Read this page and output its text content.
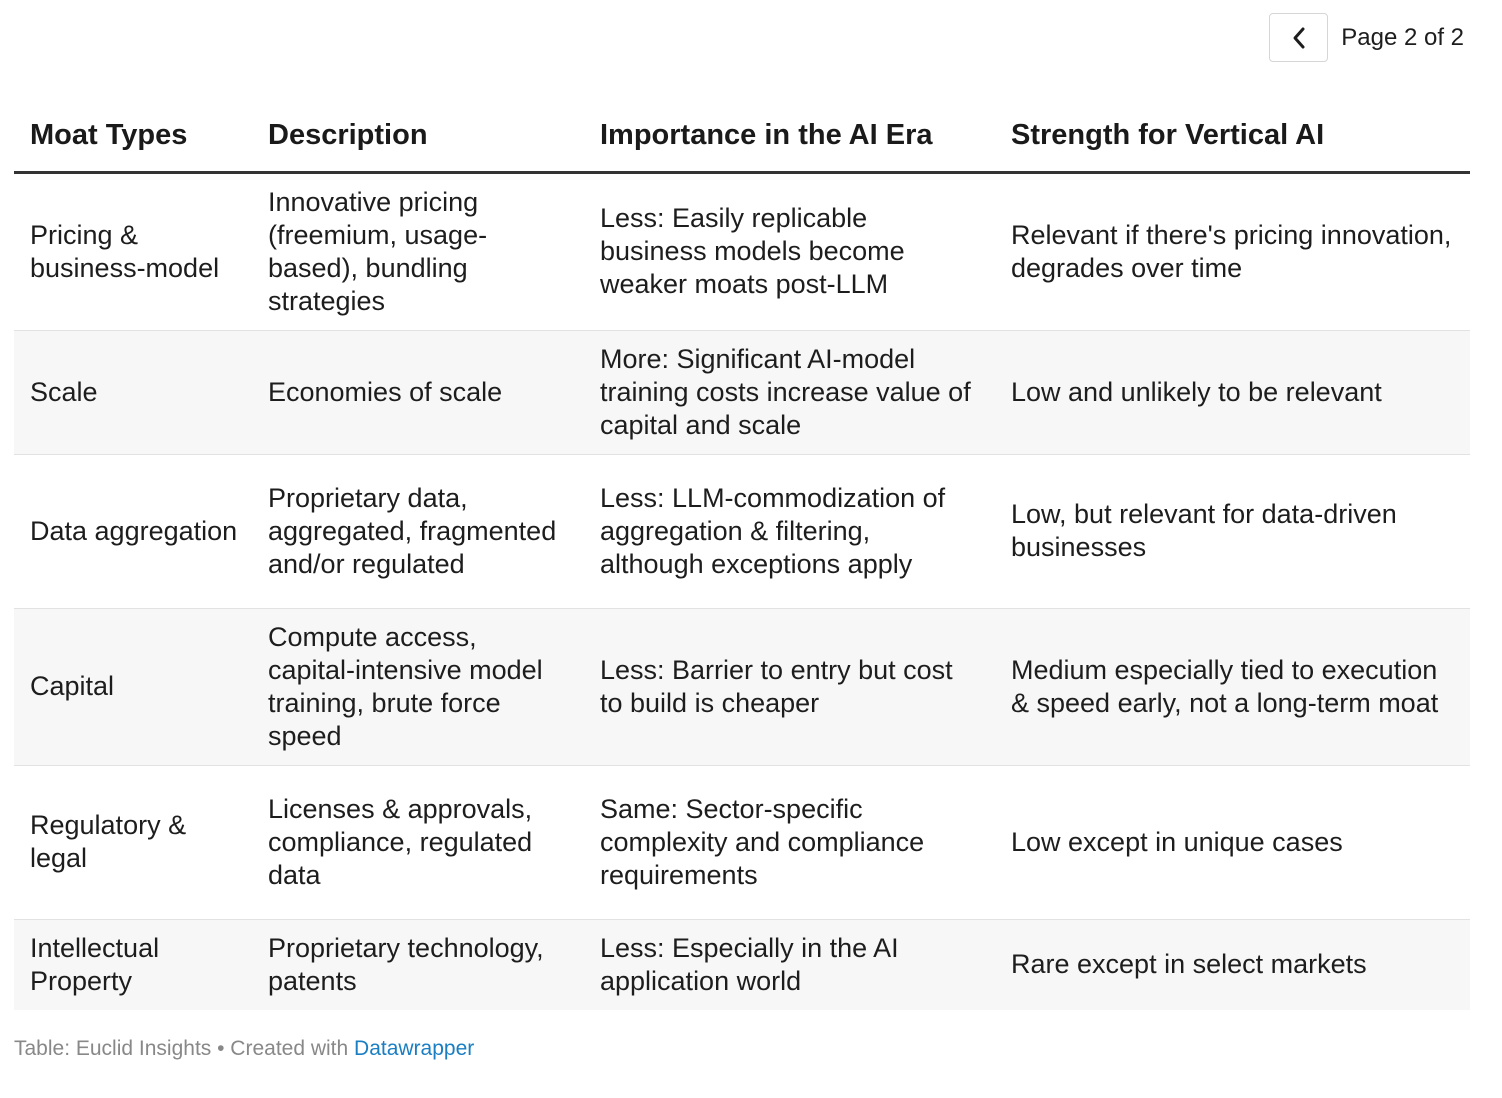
Page 2 of 2
Moat Types	Description	Importance in the AI Era	Strength for Vertical AI
Pricing & business-model	Innovative pricing (freemium, usage-based), bundling strategies	Less: Easily replicable business models become weaker moats post-LLM	Relevant if there's pricing innovation, degrades over time
Scale	Economies of scale	More: Significant AI-model training costs increase value of capital and scale	Low and unlikely to be relevant
Data aggregation	Proprietary data, aggregated, fragmented and/or regulated	Less: LLM-commodization of aggregation & filtering, although exceptions apply	Low, but relevant for data-driven businesses
Capital	Compute access, capital-intensive model training, brute force speed	Less: Barrier to entry but cost to build is cheaper	Medium especially tied to execution & speed early, not a long-term moat
Regulatory & legal	Licenses & approvals, compliance, regulated data	Same: Sector-specific complexity and compliance requirements	Low except in unique cases
Intellectual Property	Proprietary technology, patents	Less: Especially in the AI application world	Rare except in select markets
Table: Euclid Insights • Created with Datawrapper
